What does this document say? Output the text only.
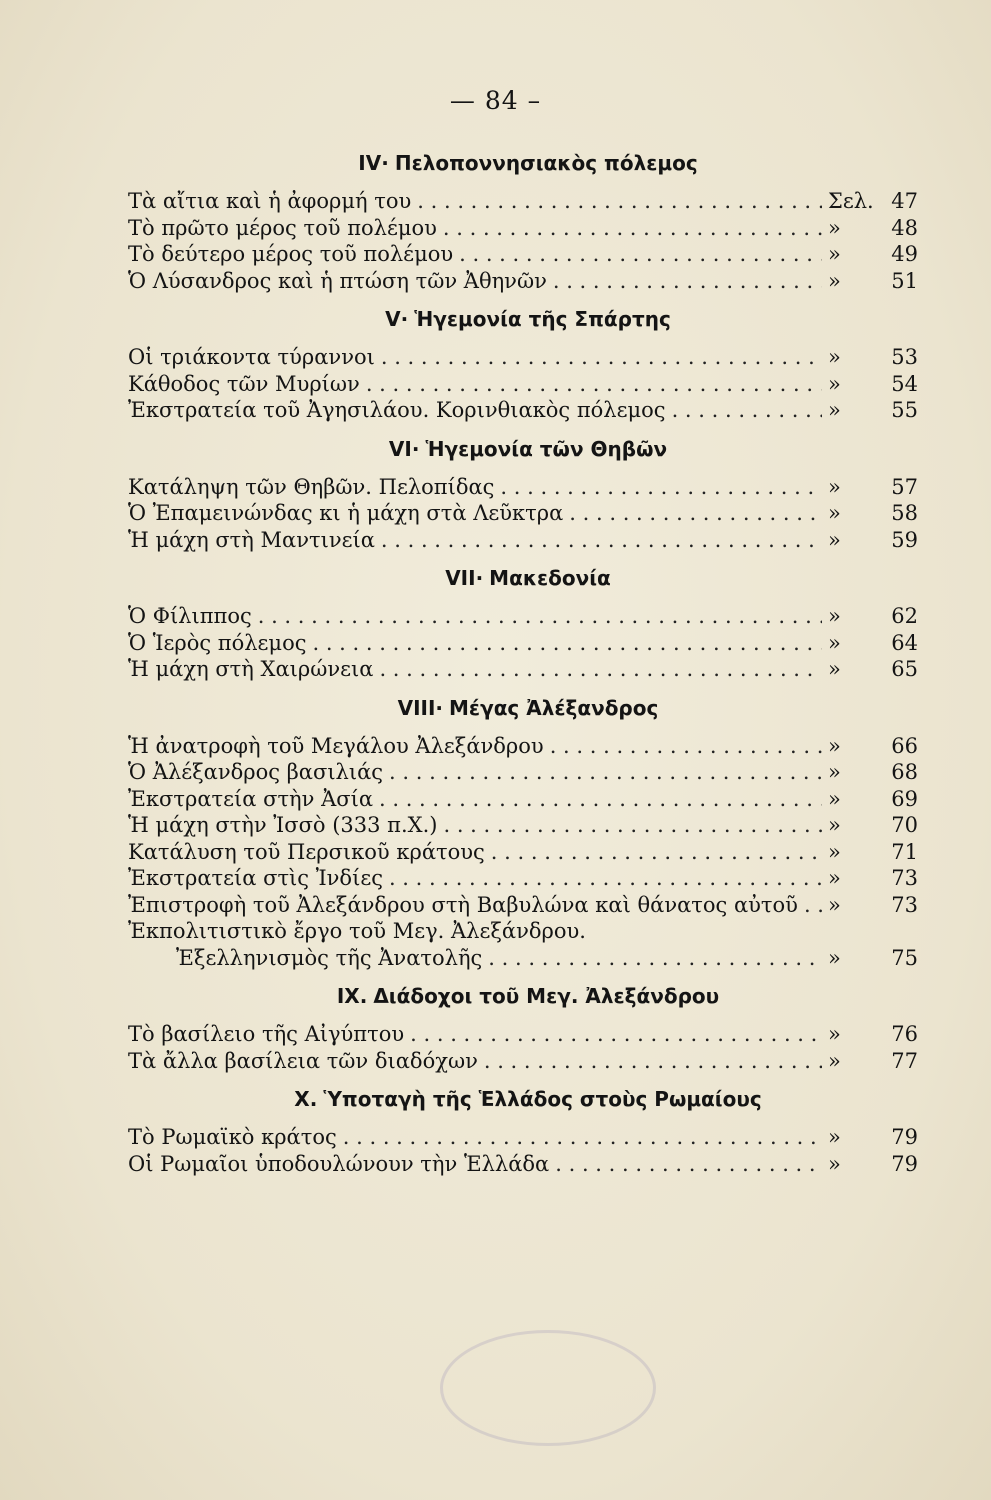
— 84 –
IV· Πελοποννησιακὸς πόλεμος
Τὰ αἴτια καὶ ἡ ἀφορμή του . . .	Σελ. 47
Τὸ πρῶτο μέρος τοῦ πολέμου . . .	»	48
Τὸ δεύτερο μέρος τοῦ πολέμου . . .	»	49
Ὁ Λύσανδρος καὶ ἡ πτώση τῶν Ἀθηνῶν . . .	»	51
V· Ἡγεμονία τῆς Σπάρτης
Οἱ τριάκοντα τύραννοι . . .	»	53
Κάθοδος τῶν Μυρίων . . .	»	54
Ἐκστρατεία τοῦ Ἀγησιλάου. Κορινθιακὸς πόλεμος . . .	»	55
VI· Ἡγεμονία τῶν Θηβῶν
Κατάληψη τῶν Θηβῶν. Πελοπίδας . . .	»	57
Ὁ Ἐπαμεινώνδας κι ἡ μάχη στὰ Λεῦκτρα . . .	»	58
Ἡ μάχη στὴ Μαντινεία . . .	»	59
VII· Μακεδονία
Ὁ Φίλιππος . . .	»	62
Ὁ Ἱερὸς πόλεμος . . .	»	64
Ἡ μάχη στὴ Χαιρώνεια . . .	»	65
VIII· Μέγας Ἀλέξανδρος
Ἡ ἀνατροφὴ τοῦ Μεγάλου Ἀλεξάνδρου . . .	»	66
Ὁ Ἀλέξανδρος βασιλιάς . . .	»	68
Ἐκστρατεία στὴν Ἀσία . . .	»	69
Ἡ μάχη στὴν Ἰσσὸ (333 π.Χ.) . . .	»	70
Κατάλυση τοῦ Περσικοῦ κράτους . . .	»	71
Ἐκστρατεία στὶς Ἰνδίες . . .	»	73
Ἐπιστροφὴ τοῦ Ἀλεξάνδρου στὴ Βαβυλώνα καὶ θάνατος αὐτοῦ . . . »	73
Ἐκπολιτιστικὸ ἔργο τοῦ Μεγ. Ἀλεξάνδρου.
Ἐξελληνισμὸς τῆς Ἀνατολῆς . . .	»	75
IX. Διάδοχοι τοῦ Μεγ. Ἀλεξάνδρου
Τὸ βασίλειο τῆς Αἰγύπτου . . .	»	76
Τὰ ἄλλα βασίλεια τῶν διαδόχων . . .	»	77
X. Ὑποταγὴ τῆς Ἑλλάδος στοὺς Ρωμαίους
Τὸ Ρωμαϊκὸ κράτος . . .	»	79
Οἱ Ρωμαῖοι ὑποδουλώνουν τὴν Ἑλλάδα . . .	»	79
